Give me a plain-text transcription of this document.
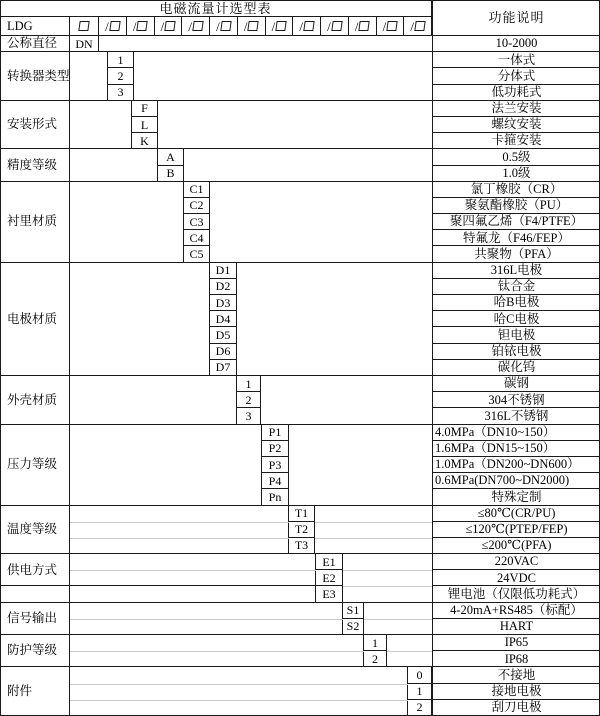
电磁流量计选型表
功能说明
LDG	/ / / / / / / / / / / /
公称直径	DN	10-2000
转换器类型
1	一体式
2	分体式
3	低功耗式
安装形式
F	法兰安装
L	螺纹安装
K	卡箍安装
精度等级
A	0.5级
B	1.0级
衬里材质
C1	氯丁橡胶（CR）
C2	聚氨酯橡胶（PU）
C3	聚四氟乙烯（F4/PTFE）
C4	特氟龙（F46/FEP）
C5	共聚物（PFA）
电极材质
D1	316L电极
D2	钛合金
D3	哈B电极
D4	哈C电极
D5	钽电极
D6	铂铱电极
D7	碳化钨
外壳材质
1	碳钢
2	304不锈钢
3	316L不锈钢
压力等级
P1	4.0MPa（DN10~150）
P2	1.6MPa（DN15~150）
P3	1.0MPa（DN200~DN600）
P4	0.6MPa(DN700~DN2000)
Pn	特殊定制
温度等级
T1	≤80℃(CR/PU)
T2	≤120℃(PTEP/FEP)
T3	≤200℃(PFA)
供电方式
E1	220VAC
E2	24VDC
E3	锂电池（仅限低功耗式）
信号输出
S1	4-20mA+RS485（标配）
S2	HART
防护等级
1	IP65
2	IP68
附件
0	不接地
1	接地电极
2	刮刀电极
